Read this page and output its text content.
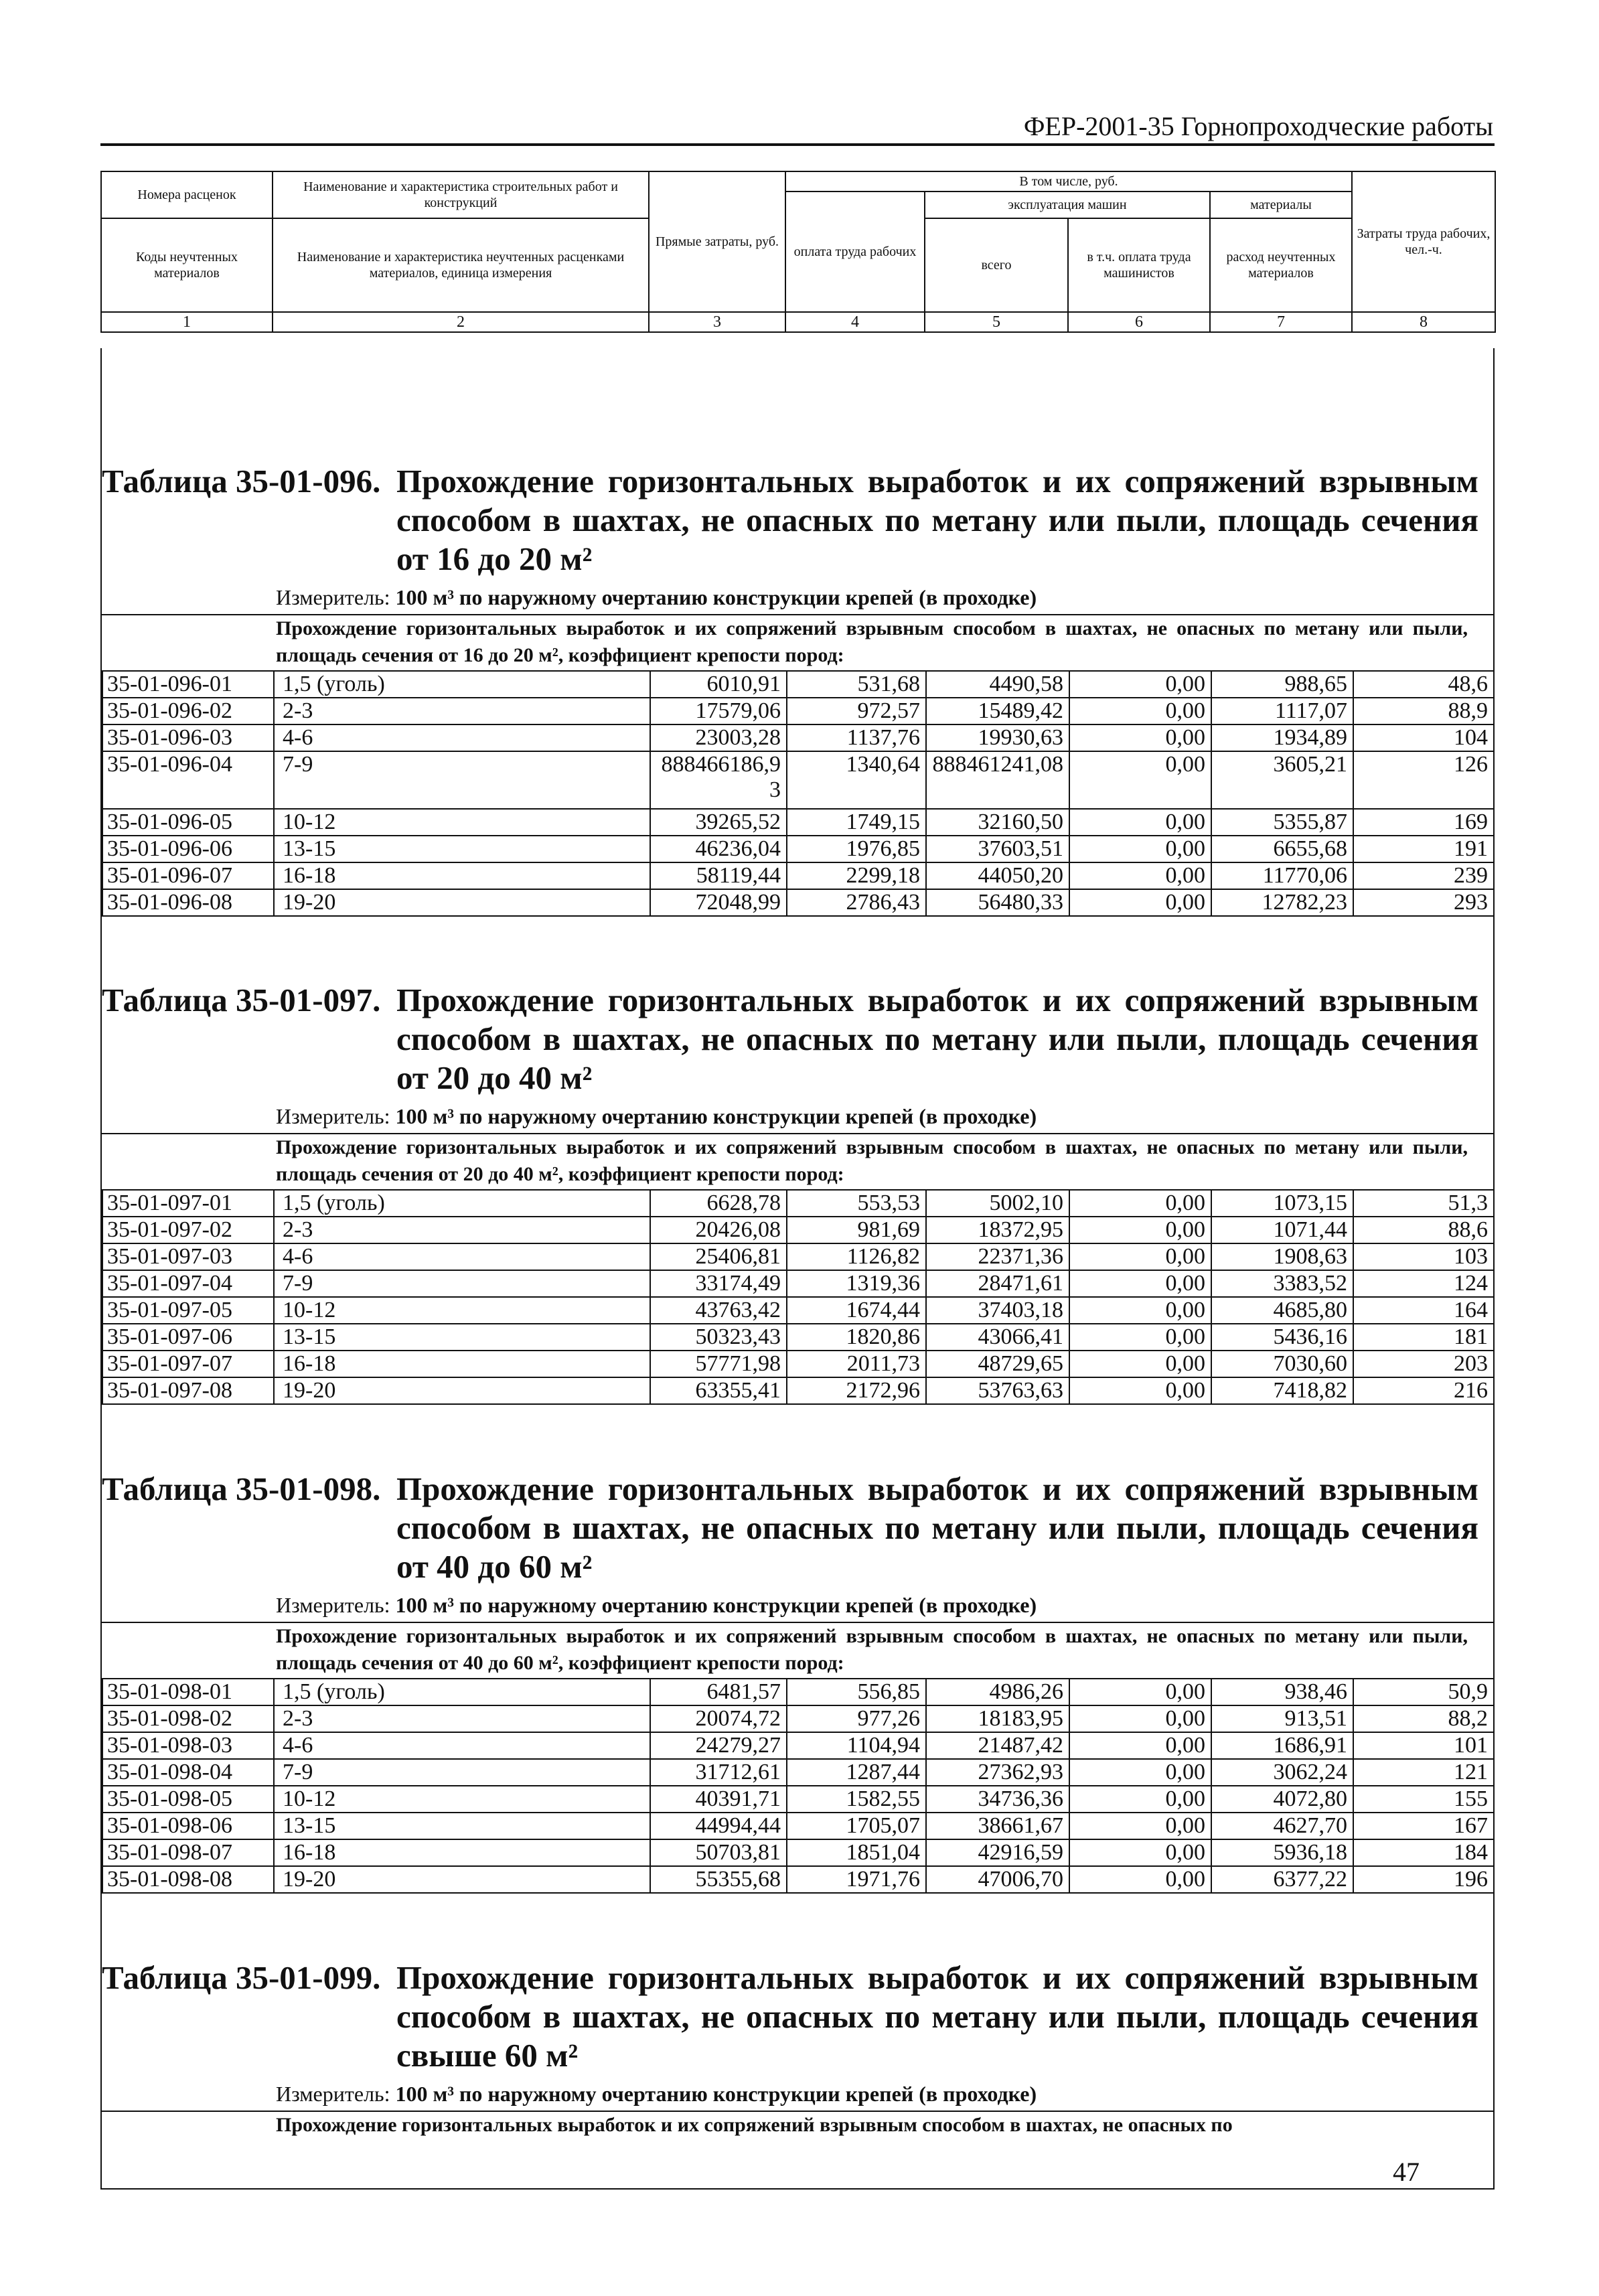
ФЕР-2001-35 Горнопроходческие работы
Номера расценок	Наименование и характеристика строительных работ и конструкций	Прямые затраты, руб.	В том числе, руб.				Затраты труда рабочих, чел.-ч.
			оплата труда рабочих	эксплуатация машин		материалы	
Коды неучтенных материалов	Наименование и характеристика неучтенных расценками материалов, единица измерения			всего	в т.ч. оплата труда машинистов	расход неучтенных материалов	

1	2	3	4	5	6	7	8
Таблица 35-01-096. Прохождение горизонтальных выработок и их сопряжений взрывным способом в шахтах, не опасных по метану или пыли, площадь сечения от 16 до 20 м²
Измеритель: 100 м³ по наружному очертанию конструкции крепей (в проходке)
Прохождение горизонтальных выработок и их сопряжений взрывным способом в шахтах, не опасных по метану или пыли, площадь сечения от 16 до 20 м², коэффициент крепости пород:
35-01-096-01	1,5 (уголь)	6010,91	531,68	4490,58	0,00	988,65	48,6
35-01-096-02	2-3	17579,06	972,57	15489,42	0,00	1117,07	88,9
35-01-096-03	4-6	23003,28	1137,76	19930,63	0,00	1934,89	104
35-01-096-04	7-9	888466186,93	1340,64	888461241,08	0,00	3605,21	126
35-01-096-05	10-12	39265,52	1749,15	32160,50	0,00	5355,87	169
35-01-096-06	13-15	46236,04	1976,85	37603,51	0,00	6655,68	191
35-01-096-07	16-18	58119,44	2299,18	44050,20	0,00	11770,06	239
35-01-096-08	19-20	72048,99	2786,43	56480,33	0,00	12782,23	293
Таблица 35-01-097. Прохождение горизонтальных выработок и их сопряжений взрывным способом в шахтах, не опасных по метану или пыли, площадь сечения от 20 до 40 м²
Измеритель: 100 м³ по наружному очертанию конструкции крепей (в проходке)
Прохождение горизонтальных выработок и их сопряжений взрывным способом в шахтах, не опасных по метану или пыли, площадь сечения от 20 до 40 м², коэффициент крепости пород:
35-01-097-01	1,5 (уголь)	6628,78	553,53	5002,10	0,00	1073,15	51,3
35-01-097-02	2-3	20426,08	981,69	18372,95	0,00	1071,44	88,6
35-01-097-03	4-6	25406,81	1126,82	22371,36	0,00	1908,63	103
35-01-097-04	7-9	33174,49	1319,36	28471,61	0,00	3383,52	124
35-01-097-05	10-12	43763,42	1674,44	37403,18	0,00	4685,80	164
35-01-097-06	13-15	50323,43	1820,86	43066,41	0,00	5436,16	181
35-01-097-07	16-18	57771,98	2011,73	48729,65	0,00	7030,60	203
35-01-097-08	19-20	63355,41	2172,96	53763,63	0,00	7418,82	216
Таблица 35-01-098. Прохождение горизонтальных выработок и их сопряжений взрывным способом в шахтах, не опасных по метану или пыли, площадь сечения от 40 до 60 м²
Измеритель: 100 м³ по наружному очертанию конструкции крепей (в проходке)
Прохождение горизонтальных выработок и их сопряжений взрывным способом в шахтах, не опасных по метану или пыли, площадь сечения от 40 до 60 м², коэффициент крепости пород:
35-01-098-01	1,5 (уголь)	6481,57	556,85	4986,26	0,00	938,46	50,9
35-01-098-02	2-3	20074,72	977,26	18183,95	0,00	913,51	88,2
35-01-098-03	4-6	24279,27	1104,94	21487,42	0,00	1686,91	101
35-01-098-04	7-9	31712,61	1287,44	27362,93	0,00	3062,24	121
35-01-098-05	10-12	40391,71	1582,55	34736,36	0,00	4072,80	155
35-01-098-06	13-15	44994,44	1705,07	38661,67	0,00	4627,70	167
35-01-098-07	16-18	50703,81	1851,04	42916,59	0,00	5936,18	184
35-01-098-08	19-20	55355,68	1971,76	47006,70	0,00	6377,22	196
Таблица 35-01-099. Прохождение горизонтальных выработок и их сопряжений взрывным способом в шахтах, не опасных по метану или пыли, площадь сечения свыше 60 м²
Измеритель: 100 м³ по наружному очертанию конструкции крепей (в проходке)
Прохождение горизонтальных выработок и их сопряжений взрывным способом в шахтах, не опасных по
47
